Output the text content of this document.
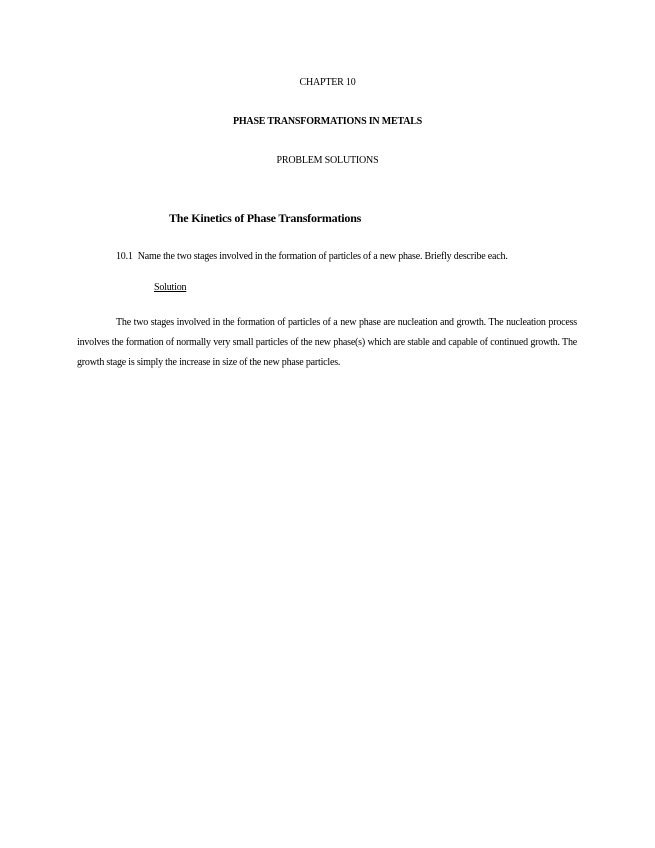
CHAPTER 10
PHASE TRANSFORMATIONS IN METALS
PROBLEM SOLUTIONS
The Kinetics of Phase Transformations
10.1 Name the two stages involved in the formation of particles of a new phase. Briefly describe each.
Solution

The two stages involved in the formation of particles of a new phase are nucleation and growth. The nucleation process involves the formation of normally very small particles of the new phase(s) which are stable and capable of continued growth. The growth stage is simply the increase in size of the new phase particles.
